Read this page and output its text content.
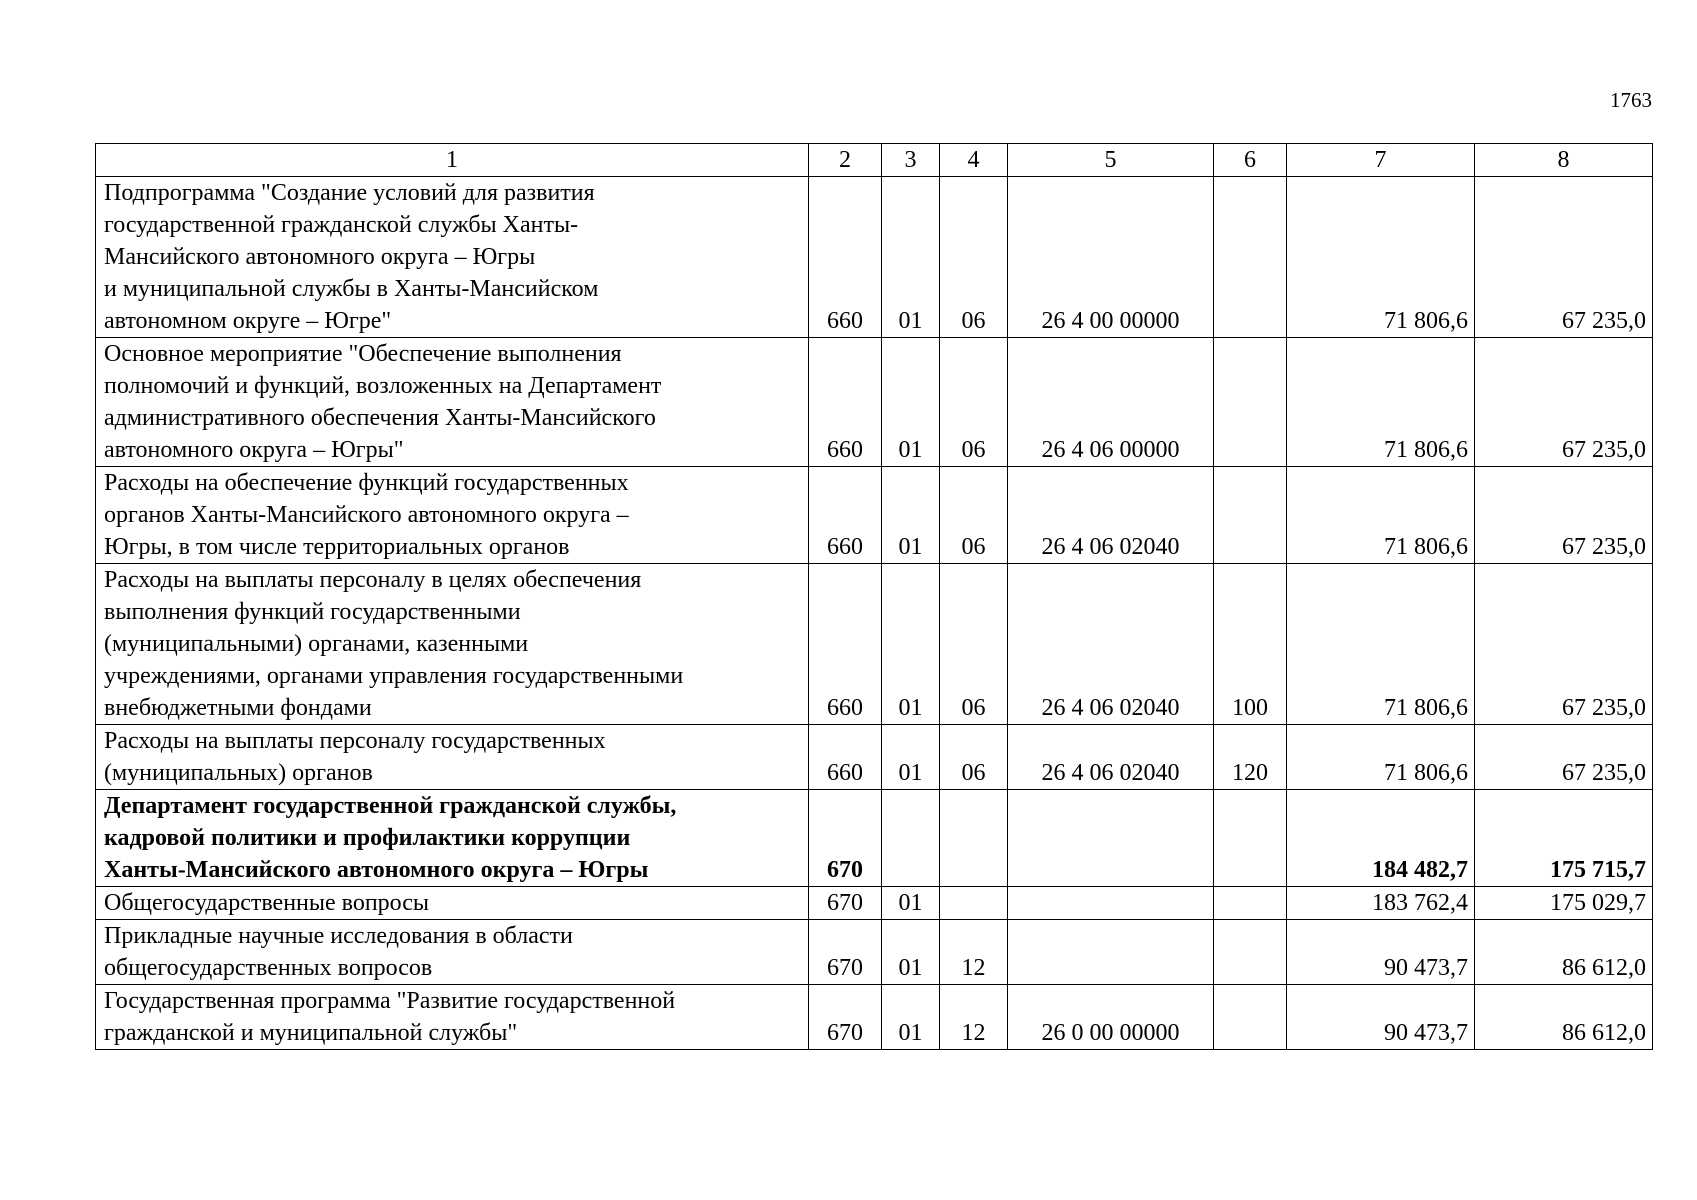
1763
1	2	3	4	5	6	7	8

Подпрограмма "Создание условий для развития
государственной гражданской службы Ханты-
Мансийского автономного округа – Югры
и муниципальной службы в Ханты-Мансийском
автономном округе – Югре"	660	01	06	26 4 00 00000		71 806,6	67 235,0

Основное мероприятие "Обеспечение выполнения
полномочий и функций, возложенных на Департамент
административного обеспечения Ханты-Мансийского
автономного округа – Югры"	660	01	06	26 4 06 00000		71 806,6	67 235,0

Расходы на обеспечение функций государственных
органов Ханты-Мансийского автономного округа –
Югры, в том числе территориальных органов	660	01	06	26 4 06 02040		71 806,6	67 235,0

Расходы на выплаты персоналу в целях обеспечения
выполнения функций государственными
(муниципальными) органами, казенными
учреждениями, органами управления государственными
внебюджетными фондами	660	01	06	26 4 06 02040	100	71 806,6	67 235,0

Расходы на выплаты персоналу государственных
(муниципальных) органов	660	01	06	26 4 06 02040	120	71 806,6	67 235,0

Департамент государственной гражданской службы,
кадровой политики и профилактики коррупции
Ханты-Мансийского автономного округа – Югры	670					184 482,7	175 715,7

Общегосударственные вопросы	670	01				183 762,4	175 029,7

Прикладные научные исследования в области
общегосударственных вопросов	670	01	12			90 473,7	86 612,0

Государственная программа "Развитие государственной
гражданской и муниципальной службы"	670	01	12	26 0 00 00000		90 473,7	86 612,0
